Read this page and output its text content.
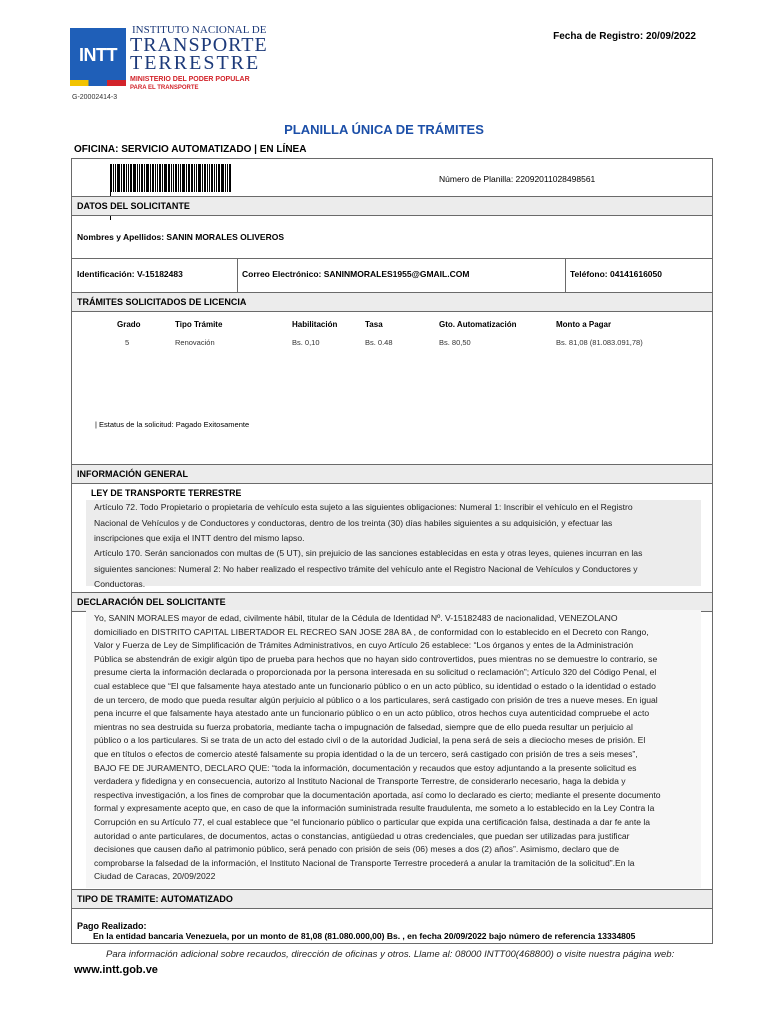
INTT
INSTITUTO NACIONAL DE
TRANSPORTE
TERRESTRE
MINISTERIO DEL PODER POPULAR
PARA EL TRANSPORTE
G-20002414-3
Fecha de Registro: 20/09/2022
PLANILLA ÚNICA DE TRÁMITES
OFICINA: SERVICIO AUTOMATIZADO | EN LÍNEA
Número de Planilla: 22092011028498561
DATOS DEL SOLICITANTE
Nombres y Apellidos: SANIN MORALES OLIVEROS
Identificación: V-15182483	Correo Electrónico: SANINMORALES1955@GMAIL.COM	Teléfono: 04141616050
TRÁMITES SOLICITADOS DE LICENCIA
Grado	Tipo Trámite	Habilitación	Tasa	Gto. Automatización	Monto a Pagar
5	Renovación	Bs. 0,10	Bs. 0.48	Bs. 80,50	Bs. 81,08 (81.083.091,78)
| Estatus de la solicitud: Pagado Exitosamente
INFORMACIÓN GENERAL
LEY DE TRANSPORTE TERRESTRE
Artículo 72. Todo Propietario o propietaria de vehículo esta sujeto a las siguientes obligaciones: Numeral 1: Inscribir el vehículo en el Registro
Nacional de Vehículos y de Conductores y conductoras, dentro de los treinta (30) días habiles siguientes a su adquisición, y efectuar las
inscripciones que exija el INTT dentro del mismo lapso.
Artículo 170. Serán sancionados con multas de (5 UT), sin prejuicio de las sanciones establecidas en esta y otras leyes, quienes incurran en las
siguientes sanciones: Numeral 2: No haber realizado el respectivo trámite del vehículo ante el Registro Nacional de Vehículos y Conductores y
Conductoras.
DECLARACIÓN DEL SOLICITANTE
Yo, SANIN MORALES mayor de edad, civilmente hábil, titular de la Cédula de Identidad Nº. V-15182483 de nacionalidad, VENEZOLANO
domiciliado en DISTRITO CAPITAL LIBERTADOR EL RECREO SAN JOSE 28A 8A , de conformidad con lo establecido en el Decreto con Rango,
Valor y Fuerza de Ley de Simplificación de Trámites Administrativos, en cuyo Artículo 26 establece: “Los órganos y entes de la Administración
Pública se abstendrán de exigir algún tipo de prueba para hechos que no hayan sido controvertidos, pues mientras no se demuestre lo contrario, se
presume cierta la información declarada o proporcionada por la persona interesada en su solicitud o reclamación”; Artículo 320 del Código Penal, el
cual establece que “El que falsamente haya atestado ante un funcionario público o en un acto público, su identidad o estado o la identidad o estado
de un tercero, de modo que pueda resultar algún perjuicio al público o a los particulares, será castigado con prisión de tres a nueve meses. En igual
pena incurre el que falsamente haya atestado ante un funcionario público o en un acto público, otros hechos cuya autenticidad compruebe el acto
mientras no sea destruida su fuerza probatoria, mediante tacha o impugnación de falsedad, siempre que de ello pueda resultar un perjuicio al
público o a los particulares. Si se trata de un acto del estado civil o de la autoridad Judicial, la pena será de seis a dieciocho meses de prisión. El
que en títulos o efectos de comercio atesté falsamente su propia identidad o la de un tercero, será castigado con prisión de tres a seis meses”,
BAJO FE DE JURAMENTO, DECLARO QUE: “toda la información, documentación y recaudos que estoy adjuntando a la presente solicitud es
verdadera y fidedigna y en consecuencia, autorizo al Instituto Nacional de Transporte Terrestre, de considerarlo necesario, haga la debida y
respectiva investigación, a los fines de comprobar que la documentación aportada, así como lo declarado es cierto; mediante el presente documento
formal y expresamente acepto que, en caso de que la información suministrada resulte fraudulenta, me someto a lo establecido en la Ley Contra la
Corrupción en su Artículo 77, el cual establece que “el funcionario público o particular que expida una certificación falsa, destinada a dar fe ante la
autoridad o ante particulares, de documentos, actas o constancias, antigüedad u otras credenciales, que puedan ser utilizadas para justificar
decisiones que causen daño al patrimonio público, será penado con prisión de seis (06) meses a dos (2) años”. Asimismo, declaro que de
comprobarse la falsedad de la información, el Instituto Nacional de Transporte Terrestre procederá a anular la tramitación de la solicitud”.En la
Ciudad de Caracas, 20/09/2022
TIPO DE TRAMITE: AUTOMATIZADO
Pago Realizado:
En la entidad bancaria Venezuela, por un monto de 81,08 (81.080.000,00) Bs. , en fecha 20/09/2022 bajo número de referencia 13334805
Para información adicional sobre recaudos, dirección de oficinas y otros. Llame al: 08000 INTT00(468800) o visite nuestra página web:
www.intt.gob.ve
